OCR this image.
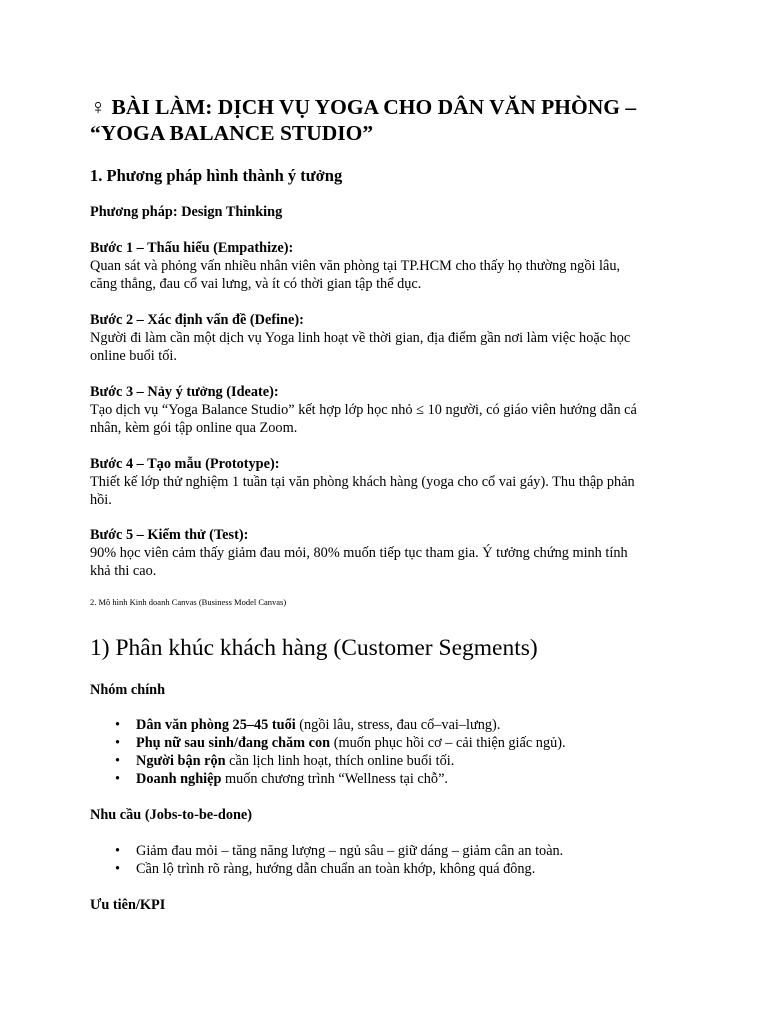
♀ BÀI LÀM: DỊCH VỤ YOGA CHO DÂN VĂN PHÒNG – “YOGA BALANCE STUDIO”
1. Phương pháp hình thành ý tưởng

Phương pháp: Design Thinking

Bước 1 – Thấu hiểu (Empathize):

Quan sát và phỏng vấn nhiều nhân viên văn phòng tại TP.HCM cho thấy họ thường ngồi lâu,

căng thẳng, đau cổ vai lưng, và ít có thời gian tập thể dục.

Bước 2 – Xác định vấn đề (Define):

Người đi làm cần một dịch vụ Yoga linh hoạt về thời gian, địa điểm gần nơi làm việc hoặc học

online buổi tối.

Bước 3 – Nảy ý tưởng (Ideate):

Tạo dịch vụ “Yoga Balance Studio” kết hợp lớp học nhỏ ≤ 10 người, có giáo viên hướng dẫn cá

nhân, kèm gói tập online qua Zoom.

Bước 4 – Tạo mẫu (Prototype):

Thiết kế lớp thử nghiệm 1 tuần tại văn phòng khách hàng (yoga cho cổ vai gáy). Thu thập phản

hồi.

Bước 5 – Kiểm thử (Test):

90% học viên cảm thấy giảm đau mỏi, 80% muốn tiếp tục tham gia. Ý tưởng chứng minh tính

khả thi cao.

2. Mô hình Kinh doanh Canvas (Business Model Canvas)

1) Phân khúc khách hàng (Customer Segments)

Nhóm chính

• Dân văn phòng 25–45 tuổi (ngồi lâu, stress, đau cổ–vai–lưng).
• Phụ nữ sau sinh/đang chăm con (muốn phục hồi cơ – cải thiện giấc ngủ).
• Người bận rộn cần lịch linh hoạt, thích online buổi tối.
• Doanh nghiệp muốn chương trình “Wellness tại chỗ”.

Nhu cầu (Jobs-to-be-done)

• Giảm đau mỏi – tăng năng lượng – ngủ sâu – giữ dáng – giảm cân an toàn.
• Cần lộ trình rõ ràng, hướng dẫn chuẩn an toàn khớp, không quá đông.

Ưu tiên/KPI
